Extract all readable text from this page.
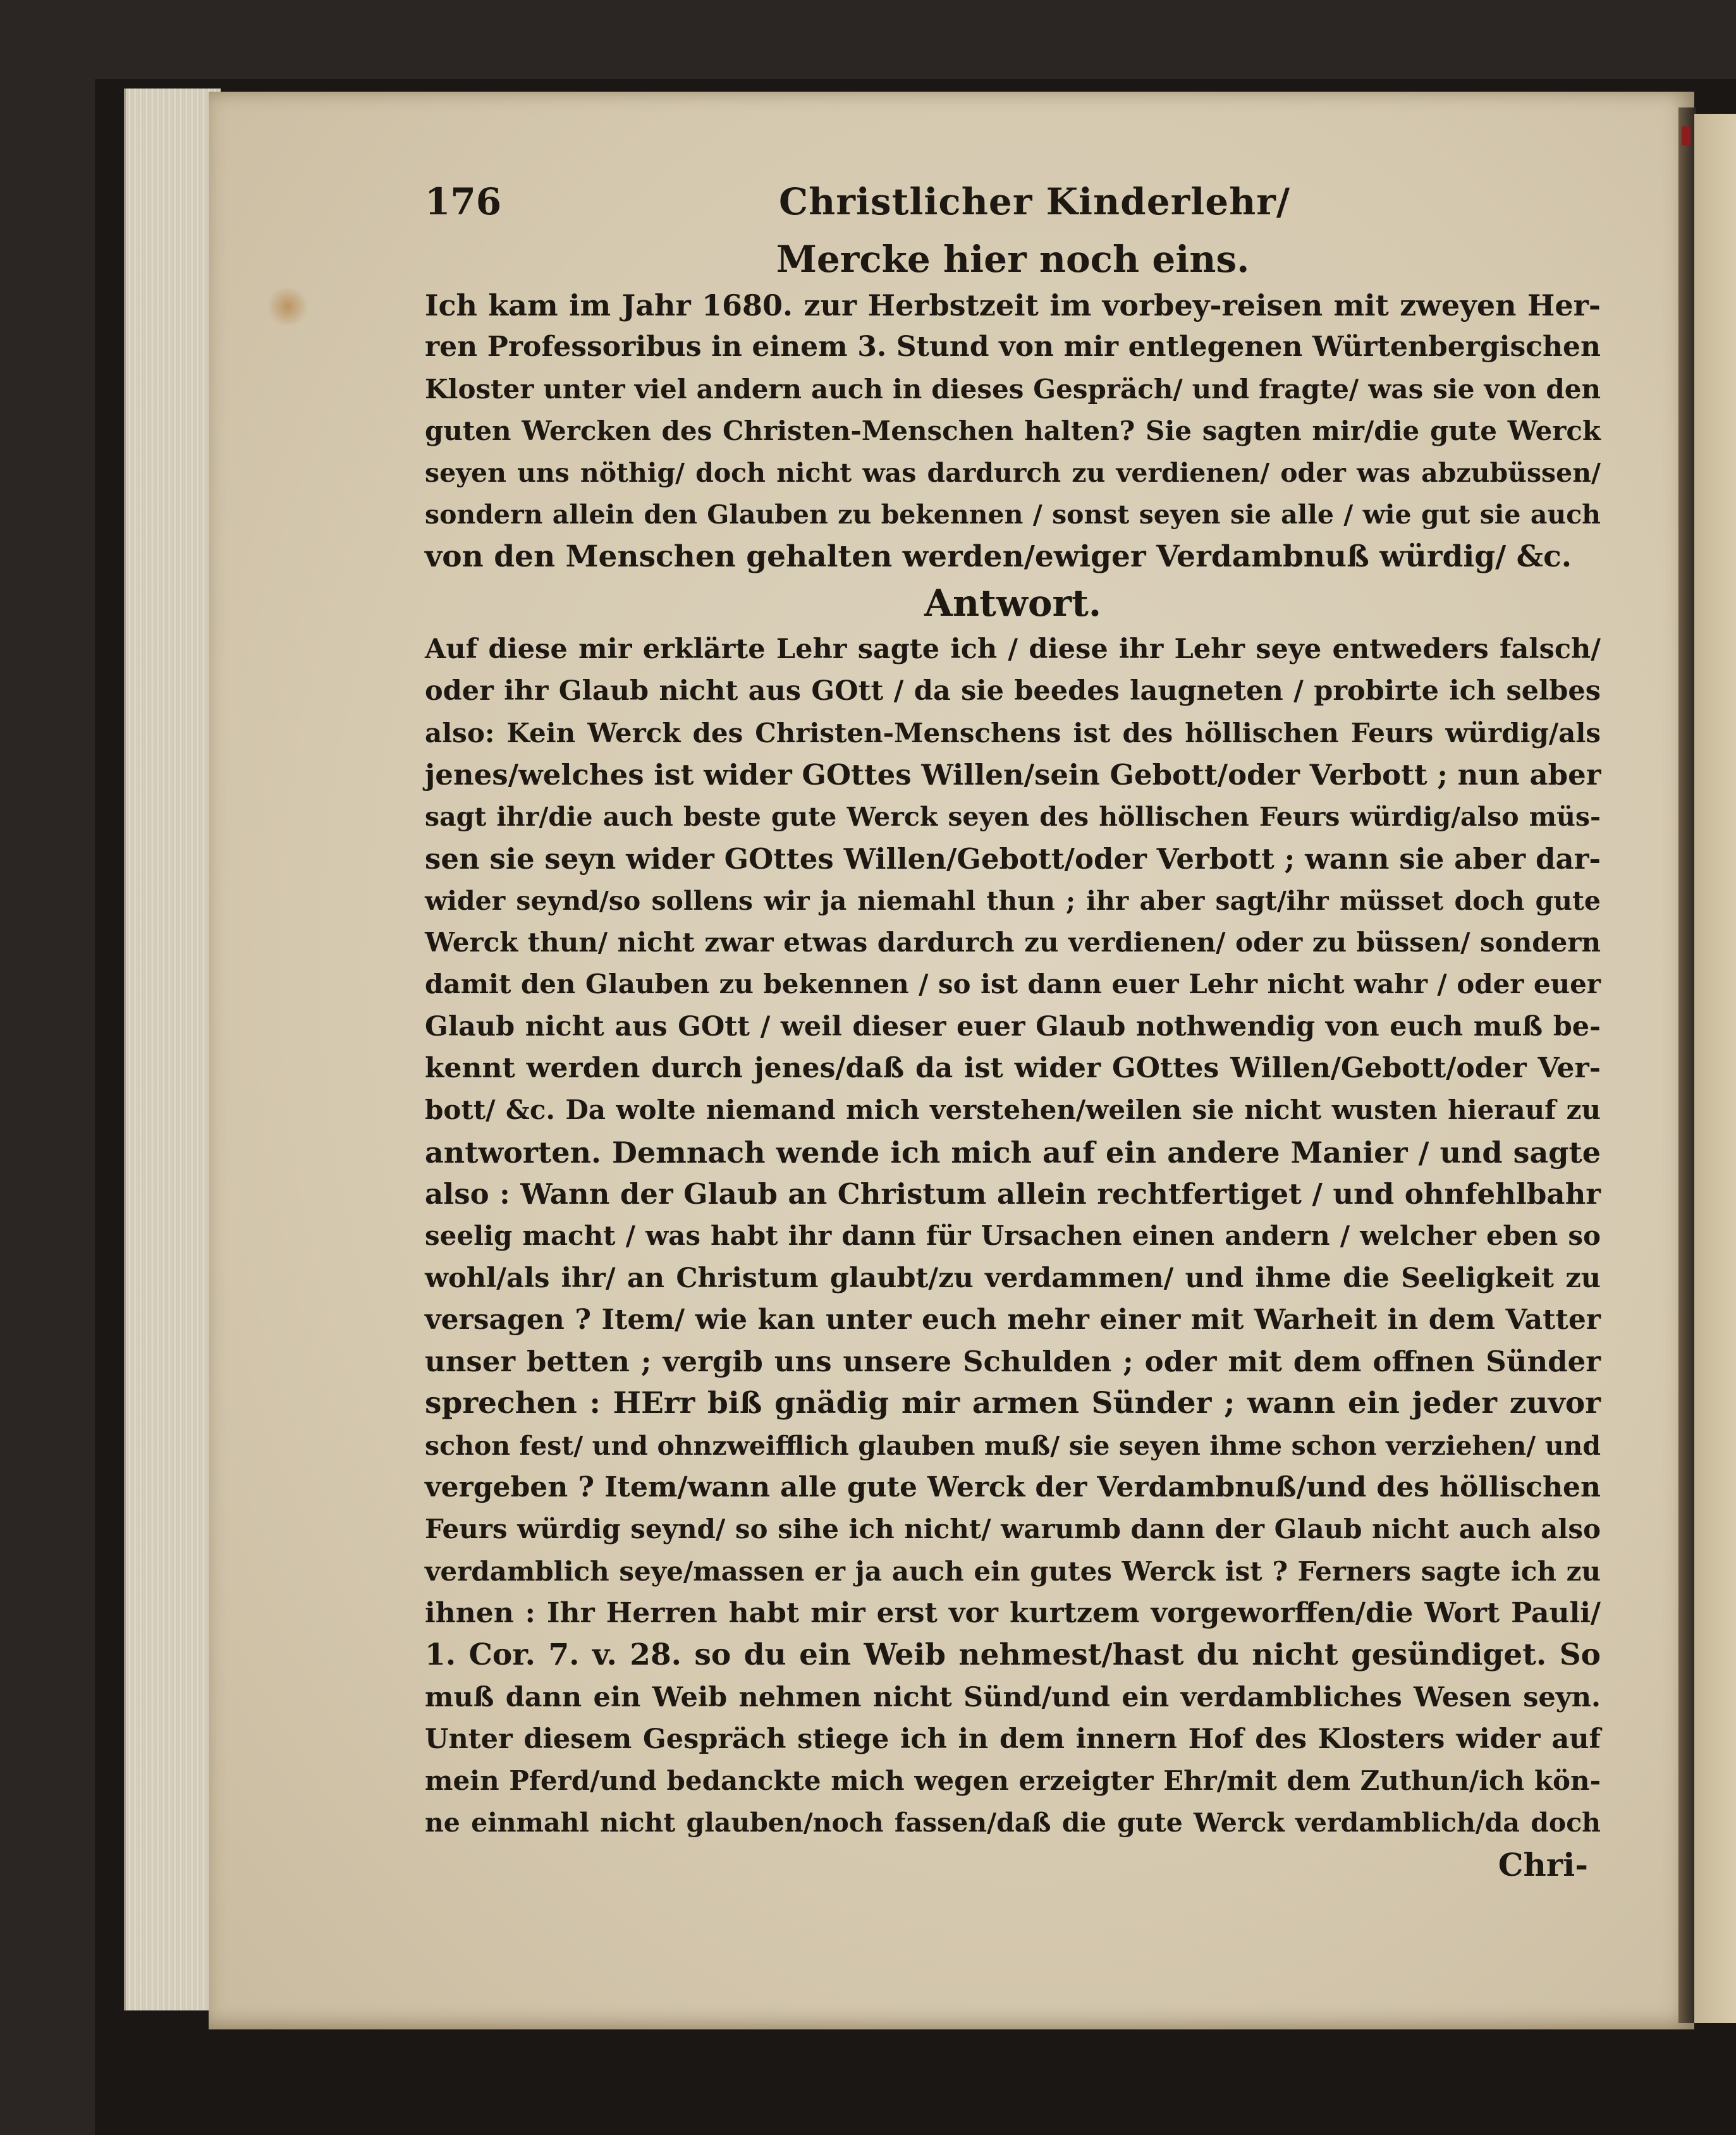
176	Christlicher Kinderlehr/

Mercke hier noch eins.

Ich kam im Jahr 1680. zur Herbstzeit im vorbey-reisen mit zweyen Her-
ren Professoribus in einem 3. Stund von mir entlegenen Würtenbergischen
Kloster unter viel andern auch in dieses Gespräch/ und fragte/ was sie von den
guten Wercken des Christen-Menschen halten? Sie sagten mir/die gute Werck
seyen uns nöthig/ doch nicht was dardurch zu verdienen/ oder was abzubüssen/
sondern allein den Glauben zu bekennen / sonst seyen sie alle / wie gut sie auch
von den Menschen gehalten werden/ewiger Verdambnuß würdig/ &c.

Antwort.

Auf diese mir erklärte Lehr sagte ich / diese ihr Lehr seye entweders falsch/
oder ihr Glaub nicht aus GOtt / da sie beedes laugneten / probirte ich selbes
also: Kein Werck des Christen-Menschens ist des höllischen Feurs würdig/als
jenes/welches ist wider GOttes Willen/sein Gebott/oder Verbott ; nun aber
sagt ihr/die auch beste gute Werck seyen des höllischen Feurs würdig/also müs-
sen sie seyn wider GOttes Willen/Gebott/oder Verbott ; wann sie aber dar-
wider seynd/so sollens wir ja niemahl thun ; ihr aber sagt/ihr müsset doch gute
Werck thun/ nicht zwar etwas dardurch zu verdienen/ oder zu büssen/ sondern
damit den Glauben zu bekennen / so ist dann euer Lehr nicht wahr / oder euer
Glaub nicht aus GOtt / weil dieser euer Glaub nothwendig von euch muß be-
kennt werden durch jenes/daß da ist wider GOttes Willen/Gebott/oder Ver-
bott/ &c. Da wolte niemand mich verstehen/weilen sie nicht wusten hierauf zu
antworten. Demnach wende ich mich auf ein andere Manier / und sagte
also : Wann der Glaub an Christum allein rechtfertiget / und ohnfehlbahr
seelig macht / was habt ihr dann für Ursachen einen andern / welcher eben so
wohl/als ihr/ an Christum glaubt/zu verdammen/ und ihme die Seeligkeit zu
versagen ? Item/ wie kan unter euch mehr einer mit Warheit in dem Vatter
unser betten ; vergib uns unsere Schulden ; oder mit dem offnen Sünder
sprechen : HErr biß gnädig mir armen Sünder ; wann ein jeder zuvor
schon fest/ und ohnzweifflich glauben muß/ sie seyen ihme schon verziehen/ und
vergeben ? Item/wann alle gute Werck der Verdambnuß/und des höllischen
Feurs würdig seynd/ so sihe ich nicht/ warumb dann der Glaub nicht auch also
verdamblich seye/massen er ja auch ein gutes Werck ist ? Ferners sagte ich zu
ihnen : Ihr Herren habt mir erst vor kurtzem vorgeworffen/die Wort Pauli/
1. Cor. 7. v. 28. so du ein Weib nehmest/hast du nicht gesündiget. So
muß dann ein Weib nehmen nicht Sünd/und ein verdambliches Wesen seyn.
Unter diesem Gespräch stiege ich in dem innern Hof des Klosters wider auf
mein Pferd/und bedanckte mich wegen erzeigter Ehr/mit dem Zuthun/ich kön-
ne einmahl nicht glauben/noch fassen/daß die gute Werck verdamblich/da doch
Chri-
